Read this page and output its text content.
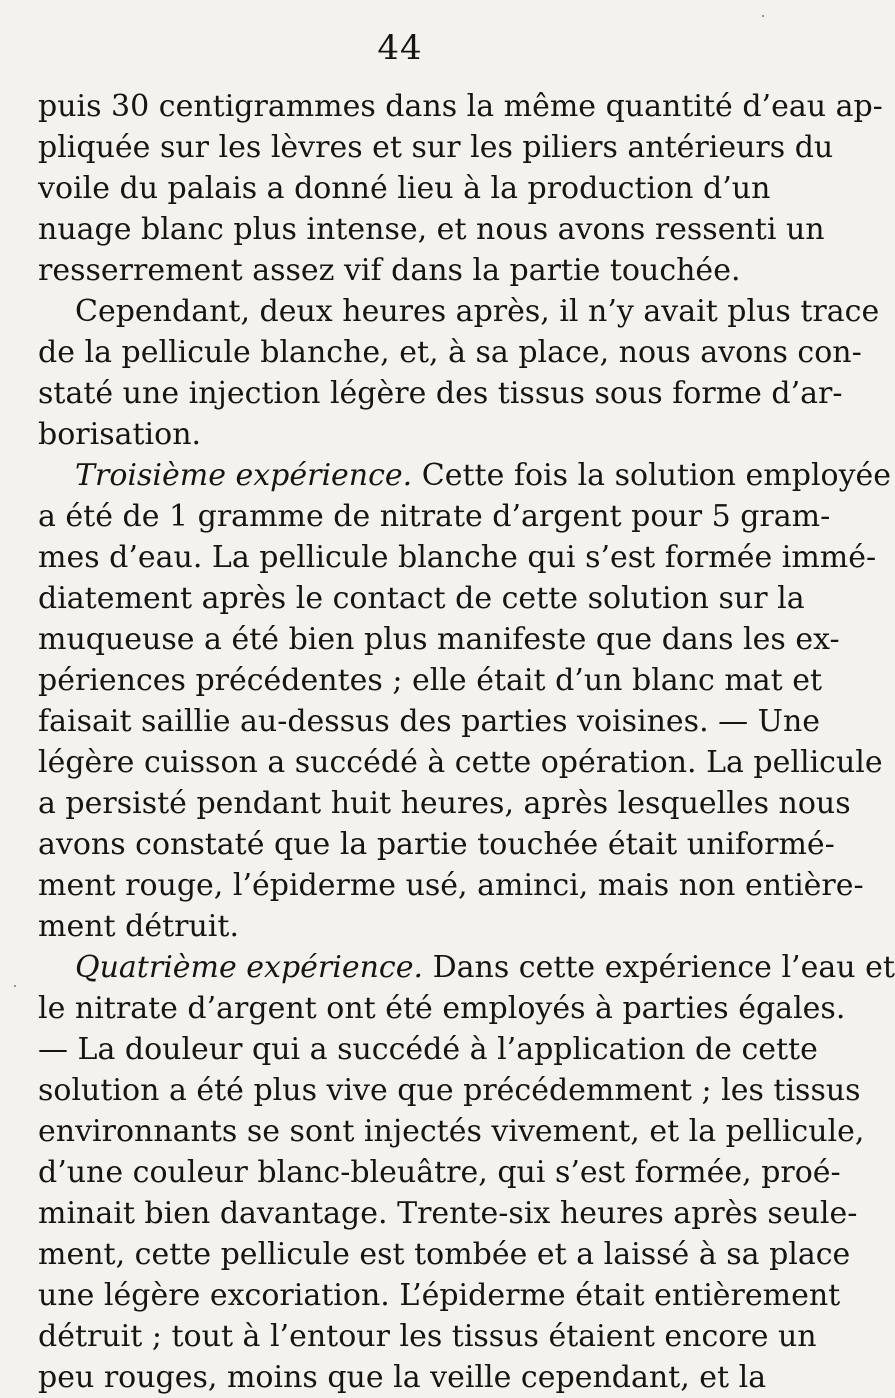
44
puis 30 centigrammes dans la même quantité d’eau ap-
pliquée sur les lèvres et sur les piliers antérieurs du
voile du palais a donné lieu à la production d’un
nuage blanc plus intense, et nous avons ressenti un
resserrement assez vif dans la partie touchée.
Cependant, deux heures après, il n’y avait plus trace
de la pellicule blanche, et, à sa place, nous avons con-
staté une injection légère des tissus sous forme d’ar-
borisation.
Troisième expérience. Cette fois la solution employée
a été de 1 gramme de nitrate d’argent pour 5 gram-
mes d’eau. La pellicule blanche qui s’est formée immé-
diatement après le contact de cette solution sur la
muqueuse a été bien plus manifeste que dans les ex-
périences précédentes ; elle était d’un blanc mat et
faisait saillie au-dessus des parties voisines. — Une
légère cuisson a succédé à cette opération. La pellicule
a persisté pendant huit heures, après lesquelles nous
avons constaté que la partie touchée était uniformé-
ment rouge, l’épiderme usé, aminci, mais non entière-
ment détruit.
Quatrième expérience. Dans cette expérience l’eau et
le nitrate d’argent ont été employés à parties égales.
— La douleur qui a succédé à l’application de cette
solution a été plus vive que précédemment ; les tissus
environnants se sont injectés vivement, et la pellicule,
d’une couleur blanc-bleuâtre, qui s’est formée, proé-
minait bien davantage. Trente-six heures après seule-
ment, cette pellicule est tombée et a laissé à sa place
une légère excoriation. L’épiderme était entièrement
détruit ; tout à l’entour les tissus étaient encore un
peu rouges, moins que la veille cependant, et la
